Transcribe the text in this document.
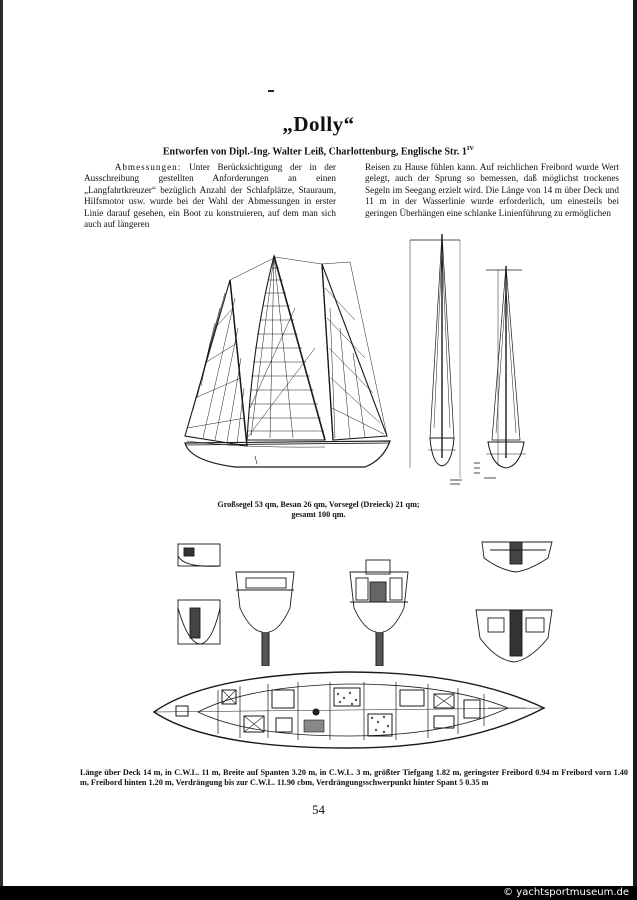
„Dolly“
Entworfen von Dipl.-Ing. Walter Leiß, Charlottenburg, Englische Str. $1^{IV}$
Abmessungen: Unter Berücksichtigung der in der Ausschreibung gestellten Anforderungen an einen „Langfahrtkreuzer“ bezüglich Anzahl der Schlafplätze, Stauraum, Hilfsmotor usw. wurde bei der Wahl der Abmessungen in erster Linie darauf gesehen, ein Boot zu konstruieren, auf dem man sich auch auf längeren
Reisen zu Hause fühlen kann. Auf reichlichen Freibord wurde Wert gelegt, auch der Sprung so bemessen, daß möglichst trockenes Segeln im Seegang erzielt wird. Die Länge von 14 m über Deck und 11 m in der Wasserlinie wurde erforderlich, um einesteils bei geringen Überhängen eine schlanke Linienführung zu ermöglichen
Großsegel 53 qm, Besan 26 qm, Vorsegel (Dreieck) 21 qm;
gesamt 100 qm.
Länge über Deck 14 m, in C.W.L. 11 m, Breite auf Spanten 3.20 m, in C.W.L. 3 m, größter Tiefgang 1.82 m, geringster Freibord 0.94 m Freibord vorn 1.40 m, Freibord hinten 1.20 m, Verdrängung bis zur C.W.L. 11.90 cbm, Verdrängungsschwerpunkt hinter Spant 5 0.35 m
54
© yachtsportmuseum.de
